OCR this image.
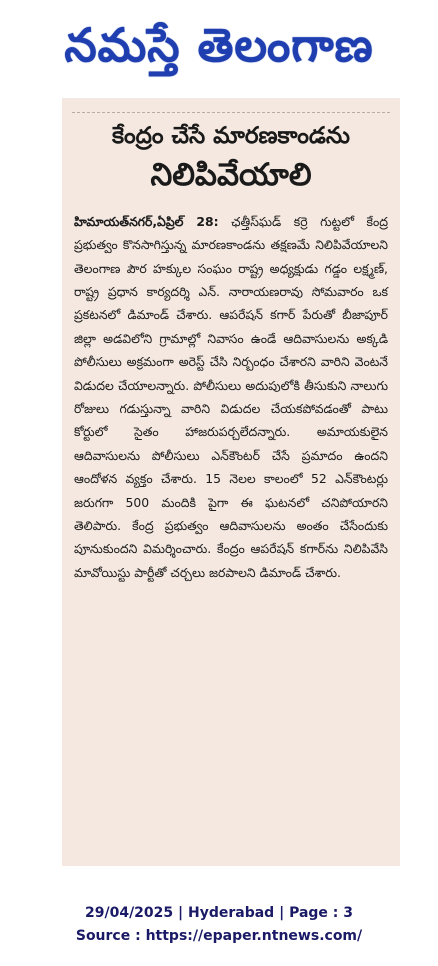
నమస్తే తెలంగాణ
కేంద్రం చేసే మారణకాండను
నిలిపివేయాలి
హిమాయత్‌నగర్,ఏప్రిల్ 28: ఛత్తీస్‌ఘడ్ కర్రె గుట్టలో కేంద్ర ప్రభుత్వం కొనసాగిస్తున్న మారణకాండను తక్షణమే నిలిపివేయాలని తెలంగాణ పౌర హక్కుల సంఘం రాష్ట్ర అధ్యక్షుడు గడ్డం లక్ష్మణ్, రాష్ట్ర ప్రధాన కార్యదర్శి ఎన్. నారాయణరావు సోమవారం ఒక ప్రకటనలో డిమాండ్ చేశారు. ఆపరేషన్ కగార్ పేరుతో బీజాపూర్ జిల్లా అడవిలోని గ్రామాల్లో నివాసం ఉండే ఆదివాసులను అక్కడి పోలీసులు అక్రమంగా అరెస్ట్ చేసి నిర్బంధం చేశారని వారిని వెంటనే విడుదల చేయాలన్నారు. పోలీసులు అదుపులోకి తీసుకుని నాలుగు రోజులు గడుస్తున్నా వారిని విడుదల చేయకపోవడంతో పాటు కోర్టులో సైతం హాజరుపర్చలేదన్నారు. అమాయకులైన ఆదివాసులను పోలీసులు ఎన్‌కౌంటర్ చేసే ప్రమాదం ఉందని ఆందోళన వ్యక్తం చేశారు. 15 నెలల కాలంలో 52 ఎన్‌కౌంటర్లు జరుగగా 500 మందికి పైగా ఈ ఘటనలో చనిపోయారని తెలిపారు. కేంద్ర ప్రభుత్వం ఆదివాసులను అంతం చేసేందుకు పూనుకుందని విమర్శించారు. కేంద్రం ఆపరేషన్ కగార్‌ను నిలిపివేసి మావోయిస్టు పార్టీతో చర్చలు జరపాలని డిమాండ్ చేశారు.
29/04/2025 | Hyderabad | Page : 3
Source : https://epaper.ntnews.com/
